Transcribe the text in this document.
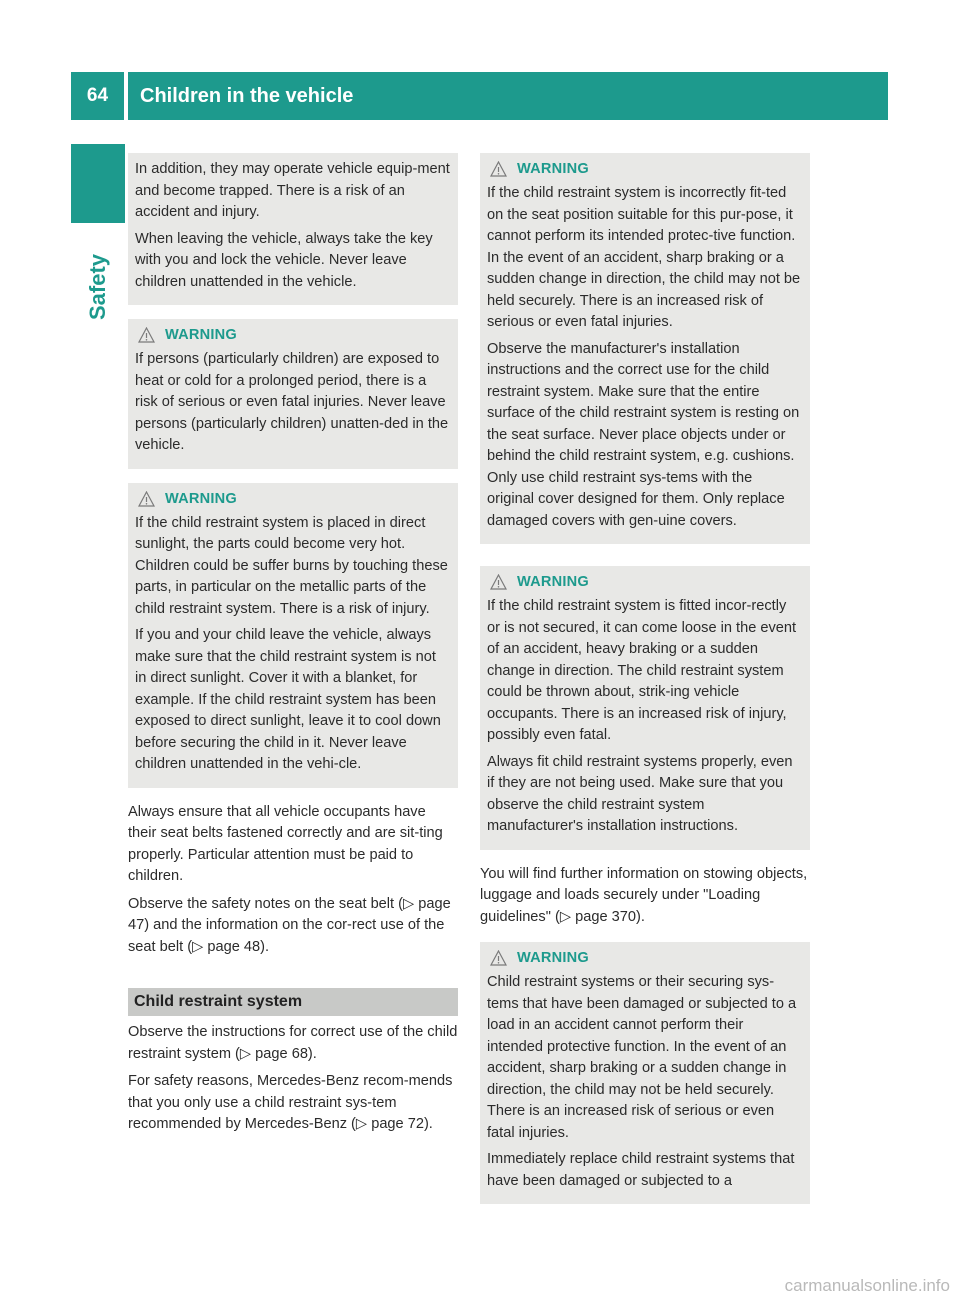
64	Children in the vehicle
Safety

In addition, they may operate vehicle equip-ment and become trapped. There is a risk of an accident and injury.

When leaving the vehicle, always take the key with you and lock the vehicle. Never leave children unattended in the vehicle.

WARNING

If persons (particularly children) are exposed to heat or cold for a prolonged period, there is a risk of serious or even fatal injuries. Never leave persons (particularly children) unatten-ded in the vehicle.

WARNING

If the child restraint system is placed in direct sunlight, the parts could become very hot. Children could be suffer burns by touching these parts, in particular on the metallic parts of the child restraint system. There is a risk of injury.

If you and your child leave the vehicle, always make sure that the child restraint system is not in direct sunlight. Cover it with a blanket, for example. If the child restraint system has been exposed to direct sunlight, leave it to cool down before securing the child in it. Never leave children unattended in the vehi-cle.

Always ensure that all vehicle occupants have their seat belts fastened correctly and are sit-ting properly. Particular attention must be paid to children.

Observe the safety notes on the seat belt (▷ page 47) and the information on the cor-rect use of the seat belt (▷ page 48).

Child restraint system

Observe the instructions for correct use of the child restraint system (▷ page 68).

For safety reasons, Mercedes-Benz recom-mends that you only use a child restraint sys-tem recommended by Mercedes-Benz (▷ page 72).

WARNING

If the child restraint system is incorrectly fit-ted on the seat position suitable for this pur-pose, it cannot perform its intended protec-tive function. In the event of an accident, sharp braking or a sudden change in direction, the child may not be held securely. There is an increased risk of serious or even fatal injuries.

Observe the manufacturer's installation instructions and the correct use for the child restraint system. Make sure that the entire surface of the child restraint system is resting on the seat surface. Never place objects under or behind the child restraint system, e.g. cushions. Only use child restraint sys-tems with the original cover designed for them. Only replace damaged covers with gen-uine covers.

WARNING

If the child restraint system is fitted incor-rectly or is not secured, it can come loose in the event of an accident, heavy braking or a sudden change in direction. The child restraint system could be thrown about, strik-ing vehicle occupants. There is an increased risk of injury, possibly even fatal.

Always fit child restraint systems properly, even if they are not being used. Make sure that you observe the child restraint system manufacturer's installation instructions.

You will find further information on stowing objects, luggage and loads securely under "Loading guidelines" (▷ page 370).

WARNING

Child restraint systems or their securing sys-tems that have been damaged or subjected to a load in an accident cannot perform their intended protective function. In the event of an accident, sharp braking or a sudden change in direction, the child may not be held securely. There is an increased risk of serious or even fatal injuries.

Immediately replace child restraint systems that have been damaged or subjected to a

carmanualsonline.info
